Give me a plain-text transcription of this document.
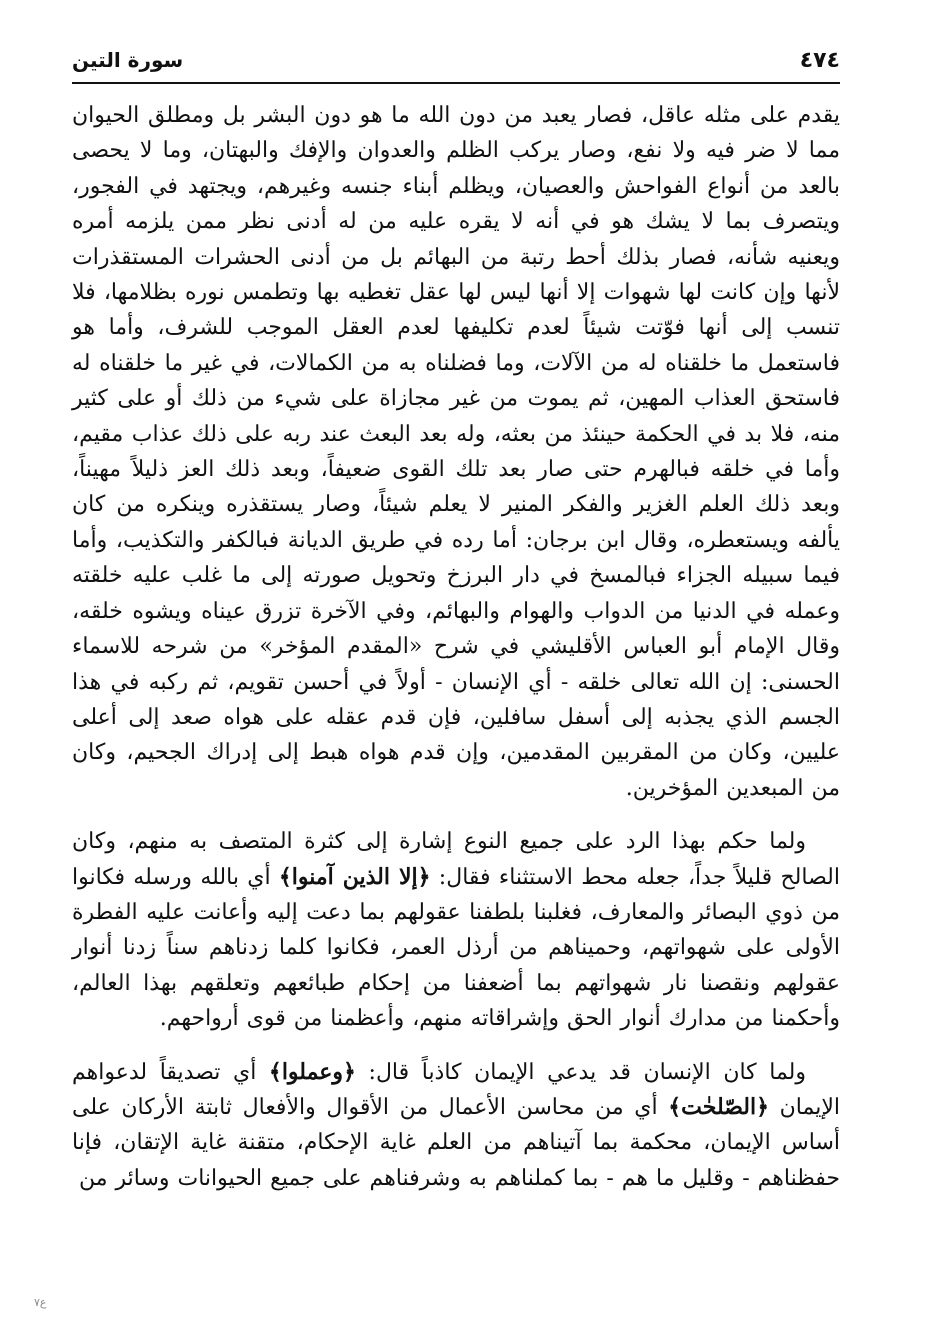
٤٧٤
سورة التين

يقدم على مثله عاقل، فصار يعبد من دون الله ما هو دون البشر بل ومطلق الحيوان مما لا ضر فيه ولا نفع، وصار يركب الظلم والعدوان والإفك والبهتان، وما لا يحصى بالعد من أنواع الفواحش والعصيان، ويظلم أبناء جنسه وغيرهم، ويجتهد في الفجور، ويتصرف بما لا يشك هو في أنه لا يقره عليه من له أدنى نظر ممن يلزمه أمره ويعنيه شأنه، فصار بذلك أحط رتبة من البهائم بل من أدنى الحشرات المستقذرات لأنها وإن كانت لها شهوات إلا أنها ليس لها عقل تغطيه بها وتطمس نوره بظلامها، فلا تنسب إلى أنها فوّتت شيئاً لعدم تكليفها لعدم العقل الموجب للشرف، وأما هو فاستعمل ما خلقناه له من الآلات، وما فضلناه به من الكمالات، في غير ما خلقناه له فاستحق العذاب المهين، ثم يموت من غير مجازاة على شيء من ذلك أو على كثير منه، فلا بد في الحكمة حينئذ من بعثه، وله بعد البعث عند ربه على ذلك عذاب مقيم، وأما في خلقه فبالهرم حتى صار بعد تلك القوى ضعيفاً، وبعد ذلك العز ذليلاً مهيناً، وبعد ذلك العلم الغزير والفكر المنير لا يعلم شيئاً، وصار يستقذره وينكره من كان يألفه ويستعطره، وقال ابن برجان: أما رده في طريق الديانة فبالكفر والتكذيب، وأما فيما سبيله الجزاء فبالمسخ في دار البرزخ وتحويل صورته إلى ما غلب عليه خلقته وعمله في الدنيا من الدواب والهوام والبهائم، وفي الآخرة تزرق عيناه ويشوه خلقه، وقال الإمام أبو العباس الأقليشي في شرح «المقدم المؤخر» من شرحه للاسماء الحسنى: إن الله تعالى خلقه - أي الإنسان - أولاً في أحسن تقويم، ثم ركبه في هذا الجسم الذي يجذبه إلى أسفل سافلين، فإن قدم عقله على هواه صعد إلى أعلى عليين، وكان من المقربين المقدمين، وإن قدم هواه هبط إلى إدراك الجحيم، وكان من المبعدين المؤخرين.

ولما حكم بهذا الرد على جميع النوع إشارة إلى كثرة المتصف به منهم، وكان الصالح قليلاً جداً، جعله محط الاستثناء فقال: ﴿إلا الذين آمنوا﴾ أي بالله ورسله فكانوا من ذوي البصائر والمعارف، فغلبنا بلطفنا عقولهم بما دعت إليه وأعانت عليه الفطرة الأولى على شهواتهم، وحميناهم من أرذل العمر، فكانوا كلما زدناهم سناً زدنا أنوار عقولهم ونقصنا نار شهواتهم بما أضعفنا من إحكام طبائعهم وتعلقهم بهذا العالم، وأحكمنا من مدارك أنوار الحق وإشراقاته منهم، وأعظمنا من قوى أرواحهم.

ولما كان الإنسان قد يدعي الإيمان كاذباً قال: ﴿وعملوا﴾ أي تصديقاً لدعواهم الإيمان ﴿الصّلحٰت﴾ أي من محاسن الأعمال من الأقوال والأفعال ثابتة الأركان على أساس الإيمان، محكمة بما آتيناهم من العلم غاية الإحكام، متقنة غاية الإتقان، فإنا حفظناهم - وقليل ما هم - بما كملناهم به وشرفناهم على جميع الحيوانات وسائر من

ع٧
